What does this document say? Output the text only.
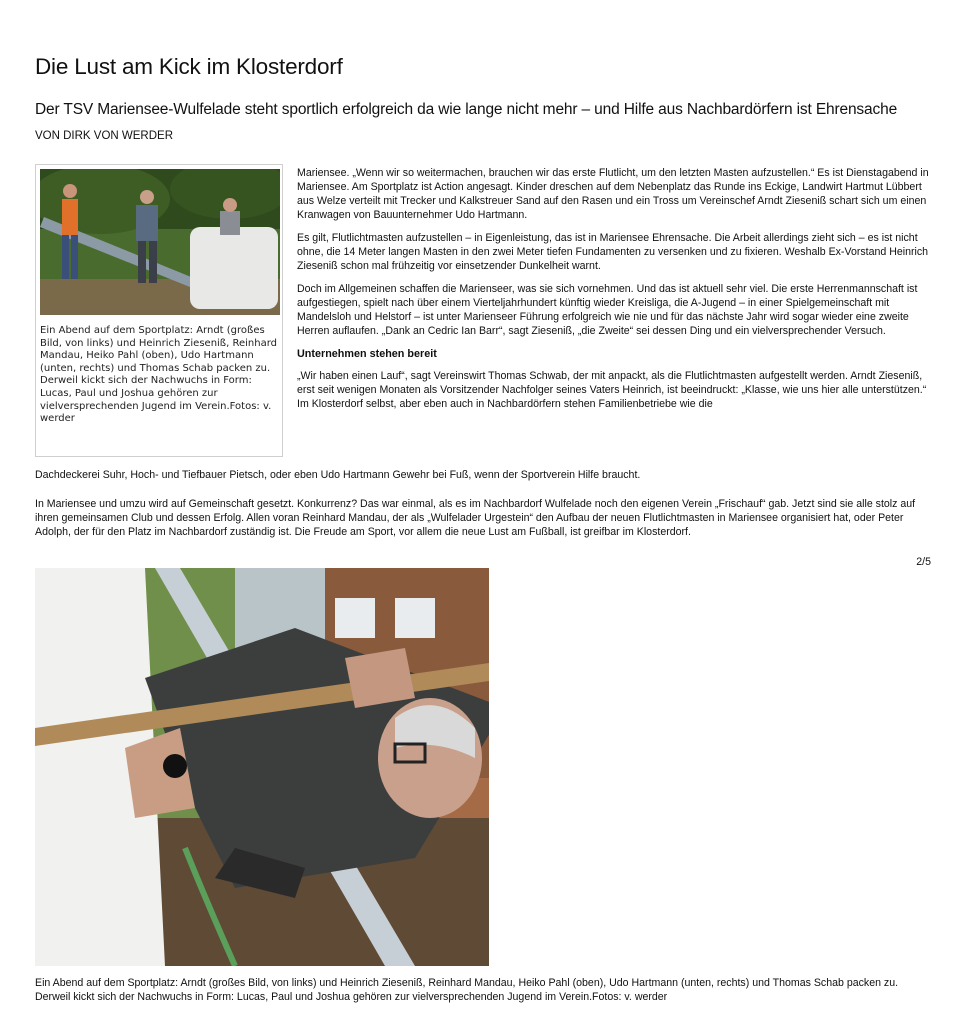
Die Lust am Kick im Klosterdorf
Der TSV Mariensee-Wulfelade steht sportlich erfolgreich da wie lange nicht mehr – und Hilfe aus Nachbardörfern ist Ehrensache
VON DIRK VON WERDER
Ein Abend auf dem Sportplatz: Arndt (großes Bild, von links) und Heinrich Zieseniß, Reinhard Mandau, Heiko Pahl (oben), Udo Hartmann (unten, rechts) und Thomas Schab packen zu. Derweil kickt sich der Nachwuchs in Form: Lucas, Paul und Joshua gehören zur vielversprechenden Jugend im Verein.Fotos: v. werder

Mariensee. „Wenn wir so weitermachen, brauchen wir das erste Flutlicht, um den letzten Masten aufzustellen.“ Es ist Dienstagabend in Mariensee. Am Sportplatz ist Action angesagt. Kinder dreschen auf dem Nebenplatz das Runde ins Eckige, Landwirt Hartmut Lübbert aus Welze verteilt mit Trecker und Kalkstreuer Sand auf den Rasen und ein Tross um Vereinschef Arndt Zieseniß schart sich um einen Kranwagen von Bauunternehmer Udo Hartmann.

Es gilt, Flutlichtmasten aufzustellen – in Eigenleistung, das ist in Mariensee Ehrensache. Die Arbeit allerdings zieht sich – es ist nicht ohne, die 14 Meter langen Masten in den zwei Meter tiefen Fundamenten zu versenken und zu fixieren. Weshalb Ex-Vorstand Heinrich Zieseniß schon mal frühzeitig vor einsetzender Dunkelheit warnt.

Doch im Allgemeinen schaffen die Marienseer, was sie sich vornehmen. Und das ist aktuell sehr viel. Die erste Herrenmannschaft ist aufgestiegen, spielt nach über einem Vierteljahrhundert künftig wieder Kreisliga, die A-Jugend – in einer Spielgemeinschaft mit Mandelsloh und Helstorf – ist unter Marienseer Führung erfolgreich wie nie und für das nächste Jahr wird sogar wieder eine zweite Herren auflaufen. „Dank an Cedric Ian Barr“, sagt Zieseniß, „die Zweite“ sei dessen Ding und ein vielversprechender Versuch.

Unternehmen stehen bereit

„Wir haben einen Lauf“, sagt Vereinswirt Thomas Schwab, der mit anpackt, als die Flutlichtmasten aufgestellt werden. Arndt Zieseniß, erst seit wenigen Monaten als Vorsitzender Nachfolger seines Vaters Heinrich, ist beeindruckt: „Klasse, wie uns hier alle unterstützen.“ Im Klosterdorf selbst, aber eben auch in Nachbardörfern stehen Familienbetriebe wie die

Dachdeckerei Suhr, Hoch- und Tiefbauer Pietsch, oder eben Udo Hartmann Gewehr bei Fuß, wenn der Sportverein Hilfe braucht.
In Mariensee und umzu wird auf Gemeinschaft gesetzt. Konkurrenz? Das war einmal, als es im Nachbardorf Wulfelade noch den eigenen Verein „Frischauf“ gab. Jetzt sind sie alle stolz auf ihren gemeinsamen Club und dessen Erfolg. Allen voran Reinhard Mandau, der als „Wulfelader Urgestein“ den Aufbau der neuen Flutlichtmasten in Mariensee organisiert hat, oder Peter Adolph, der für den Platz im Nachbardorf zuständig ist. Die Freude am Sport, vor allem die neue Lust am Fußball, ist greifbar im Klosterdorf.
2/5
Ein Abend auf dem Sportplatz: Arndt (großes Bild, von links) und Heinrich Zieseniß, Reinhard Mandau, Heiko Pahl (oben), Udo Hartmann (unten, rechts) und Thomas Schab packen zu. Derweil kickt sich der Nachwuchs in Form: Lucas, Paul und Joshua gehören zur vielversprechenden Jugend im Verein.Fotos: v. werder
